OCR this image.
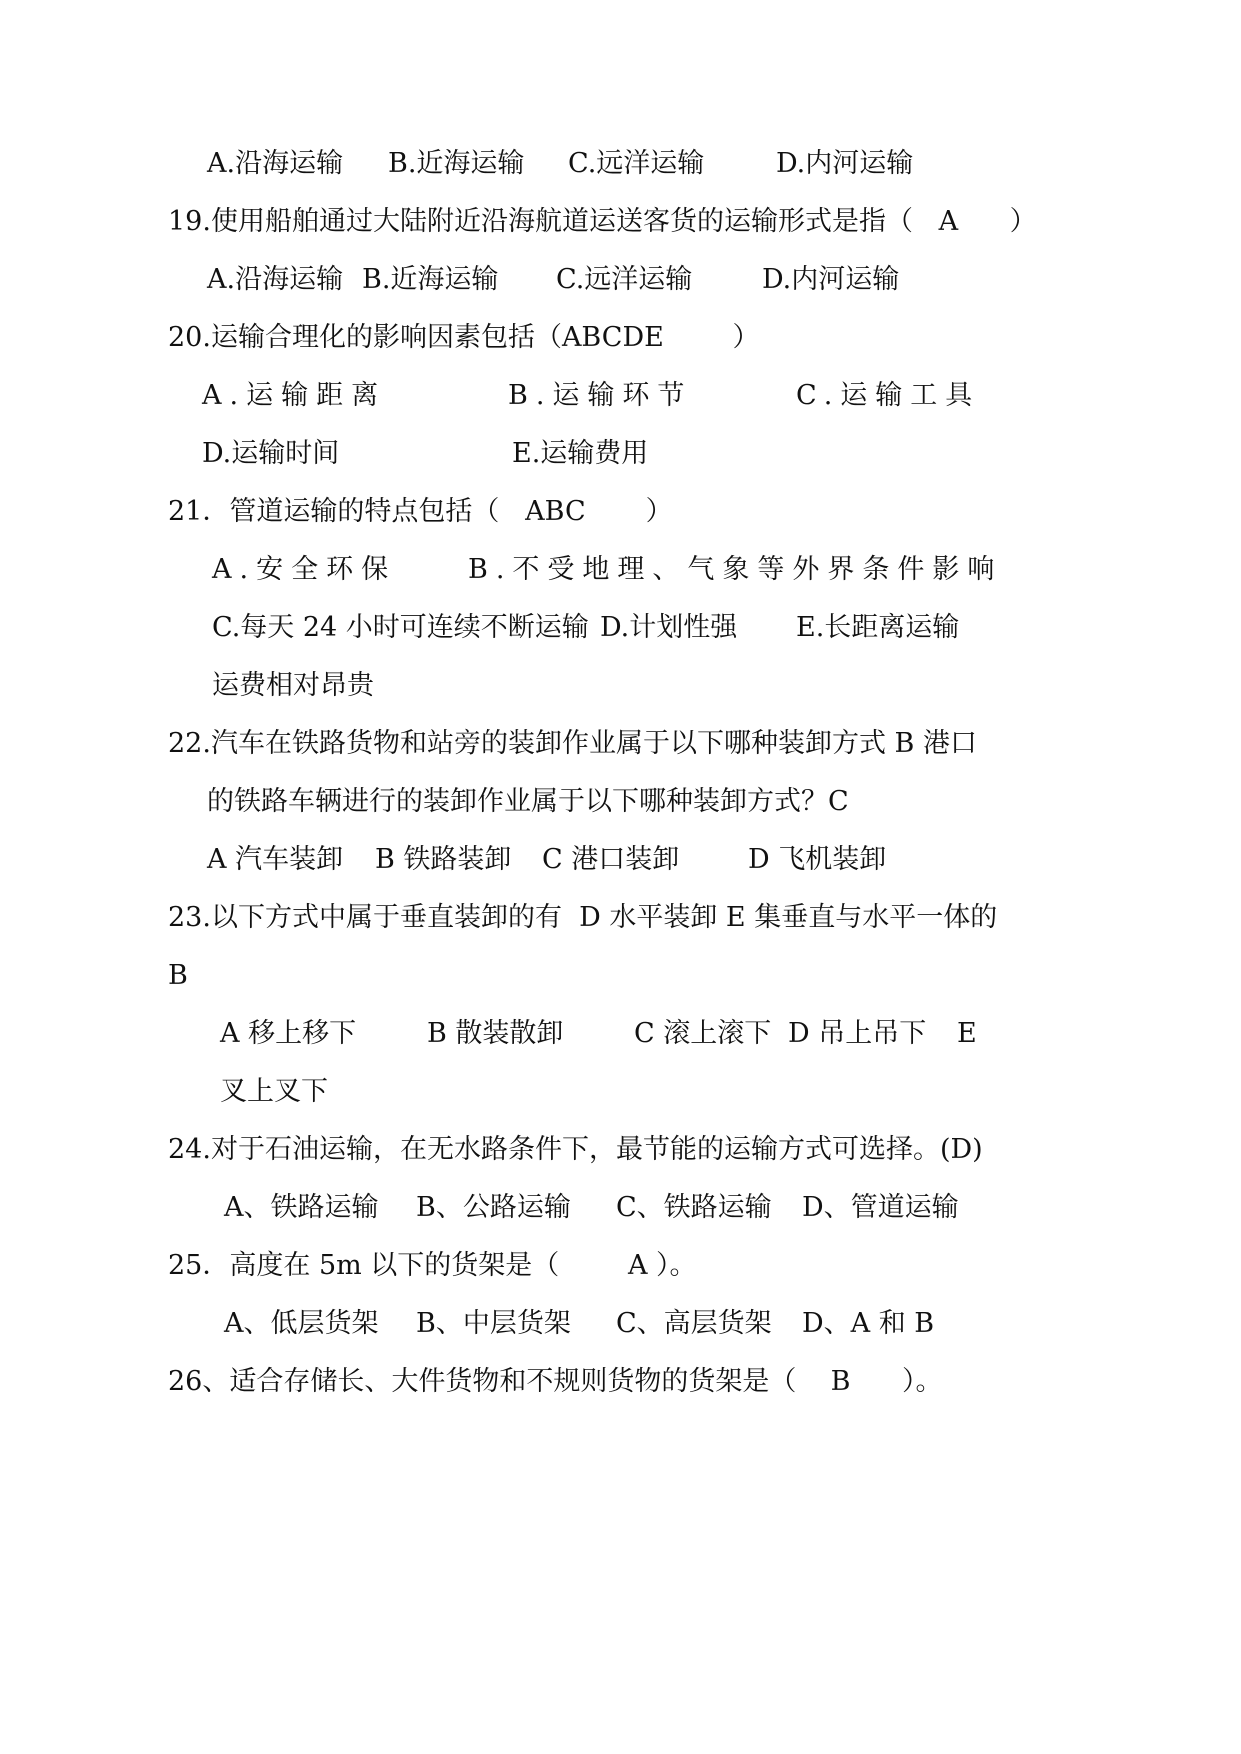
A.沿海运输 B.近海运输 C.远洋运输	D.内河运输
19.使用船舶通过大陆附近沿海航道运送客货的运输形式是指（   A      ）
A.沿海运输 B.近海运输 C.远洋运输	D.内河运输
20.运输合理化的影响因素包括（ABCDE        ）
A.运输距离	B.运输环节	C.运输工具
D.运输时间	E.运输费用
21．管道运输的特点包括（   ABC       ）
A.安全环保	B.不受地理、气象等外界条件影响
C.每天 24 小时可连续不断运输 D.计划性强 E.长距离运输
运费相对昂贵
22.汽车在铁路货物和站旁的装卸作业属于以下哪种装卸方式 B 港口
的铁路车辆进行的装卸作业属于以下哪种装卸方式？C
A 汽车装卸 B 铁路装卸 C 港口装卸	D 飞机装卸
23.以下方式中属于垂直装卸的有  D 水平装卸 E 集垂直与水平一体的
B
A 移上移下	B 散装散卸	C 滚上滚下 D 吊上吊下 E
叉上叉下
24.对于石油运输，在无水路条件下，最节能的运输方式可选择。(D)
A、铁路运输 B、公路运输 C、铁路运输 D、管道运输
25．高度在 5m 以下的货架是（        A ）。
A、低层货架 B、中层货架 C、高层货架 D、A 和 B
26、适合存储长、大件货物和不规则货物的货架是（    B      ）。
